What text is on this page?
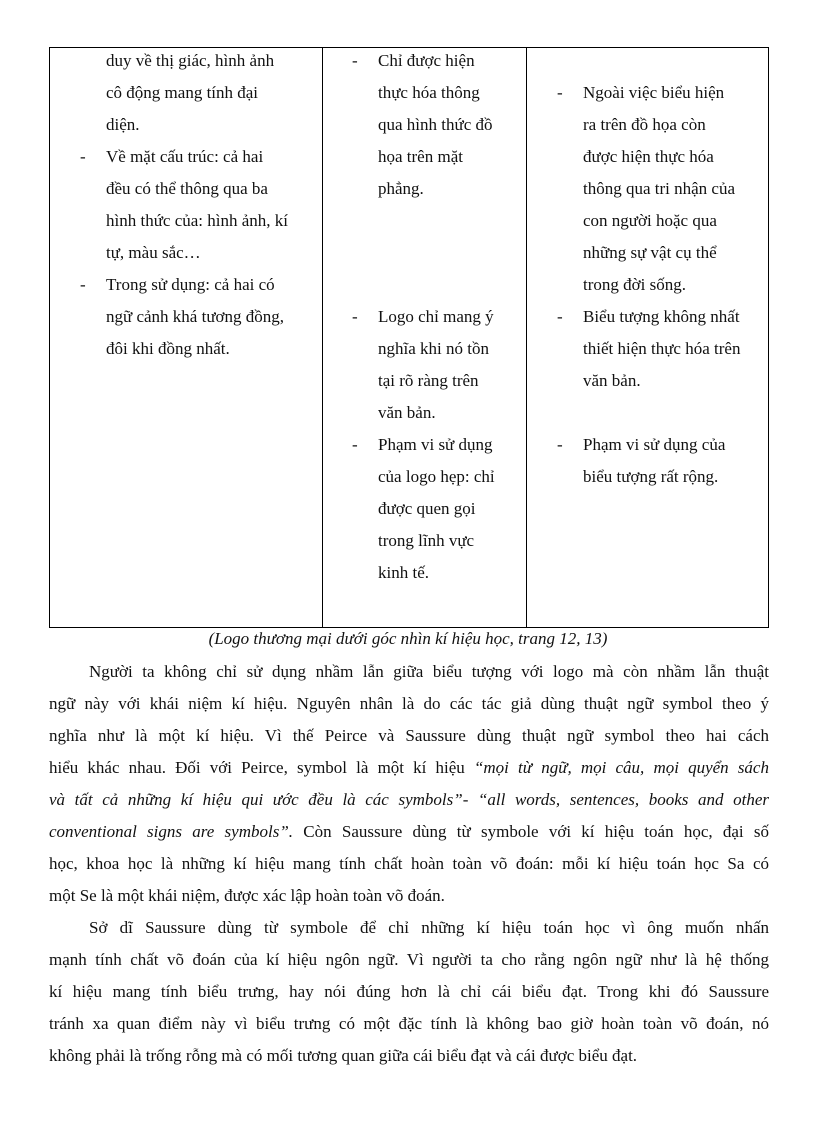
duy về thị giác, hình ảnh
cô động mang tính đại
diện.
- Về mặt cấu trúc: cả hai
đều có thể thông qua ba
hình thức của: hình ảnh, kí
tự, màu sắc…
- Trong sử dụng: cả hai có
ngữ cảnh khá tương đồng,
đôi khi đồng nhất.
- Chỉ được hiện
thực hóa thông
qua hình thức đồ
họa trên mặt
phẳng.
- Logo chỉ mang ý
nghĩa khi nó tồn
tại rõ ràng trên
văn bản.
- Phạm vi sử dụng
của logo hẹp: chỉ
được quen gọi
trong lĩnh vực
kinh tế.
- Ngoài việc biểu hiện
ra trên đồ họa còn
được hiện thực hóa
thông qua tri nhận của
con người hoặc qua
những sự vật cụ thể
trong đời sống.
- Biểu tượng không nhất
thiết hiện thực hóa trên
văn bản.
- Phạm vi sử dụng của
biểu tượng rất rộng.
(Logo thương mại dưới góc nhìn kí hiệu học, trang 12, 13)
Người ta không chỉ sử dụng nhầm lẫn giữa biểu tượng với logo mà còn nhầm lẫn thuật
ngữ này với khái niệm kí hiệu. Nguyên nhân là do các tác giả dùng thuật ngữ symbol theo ý
nghĩa như là một kí hiệu. Vì thế Peirce và Saussure dùng thuật ngữ symbol theo hai cách
hiểu khác nhau. Đối với Peirce, symbol là một kí hiệu “mọi từ ngữ, mọi câu, mọi quyển sách
và tất cả những kí hiệu qui ước đều là các symbols”- “all words, sentences, books and other
conventional signs are symbols”. Còn Saussure dùng từ symbole với kí hiệu toán học, đại số
học, khoa học là những kí hiệu mang tính chất hoàn toàn võ đoán: mỗi kí hiệu toán học Sa có
một Se là một khái niệm, được xác lập hoàn toàn võ đoán.
Sở dĩ Saussure dùng từ symbole để chỉ những kí hiệu toán học vì ông muốn nhấn
mạnh tính chất võ đoán của kí hiệu ngôn ngữ. Vì người ta cho rằng ngôn ngữ như là hệ thống
kí hiệu mang tính biểu trưng, hay nói đúng hơn là chỉ cái biểu đạt. Trong khi đó Saussure
tránh xa quan điểm này vì biểu trưng có một đặc tính là không bao giờ hoàn toàn võ đoán, nó
không phải là trống rỗng mà có mối tương quan giữa cái biểu đạt và cái được biểu đạt.
